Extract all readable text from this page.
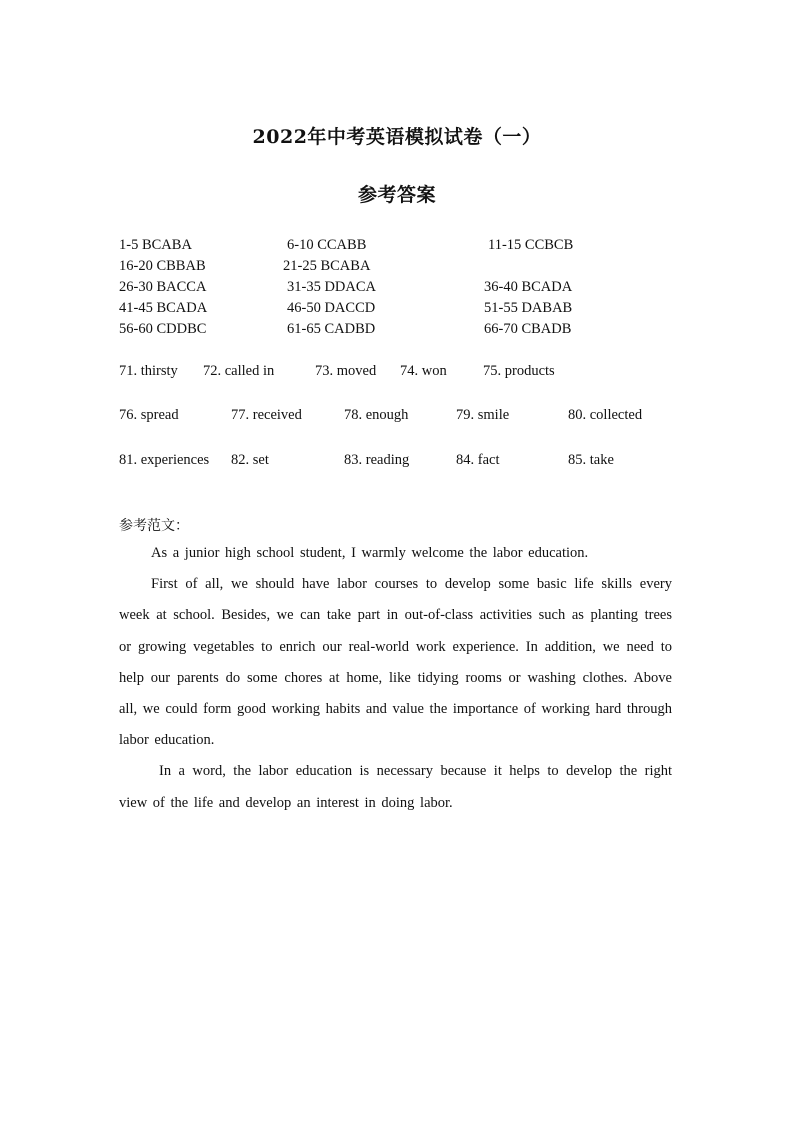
2022年中考英语模拟试卷（一）
参考答案
1-5 BCABA	6-10 CCABB	11-15 CCBCB
16-20 CBBAB	21-25 BCABA
26-30 BACCA	31-35 DDACA	36-40 BCADA
41-45 BCADA	46-50 DACCD	51-55 DABAB
56-60 CDDBC	61-65 CADBD	66-70 CBADB
71. thirsty 72. called in	73. moved 74. won	75. products
76. spread	77. received	78. enough	79. smile	80. collected
81. experiences 82. set	83. reading	84. fact	85. take
参考范文：

As a junior high school student, I warmly welcome the labor education.

First of all, we should have labor courses to develop some basic life skills every week at school. Besides, we can take part in out-of-class activities such as planting trees or growing vegetables to enrich our real-world work experience. In addition, we need to help our parents do some chores at home, like tidying rooms or washing clothes. Above all, we could form good working habits and value the importance of working hard through labor education.

In a word, the labor education is necessary because it helps to develop the right view of the life and develop an interest in doing labor.
